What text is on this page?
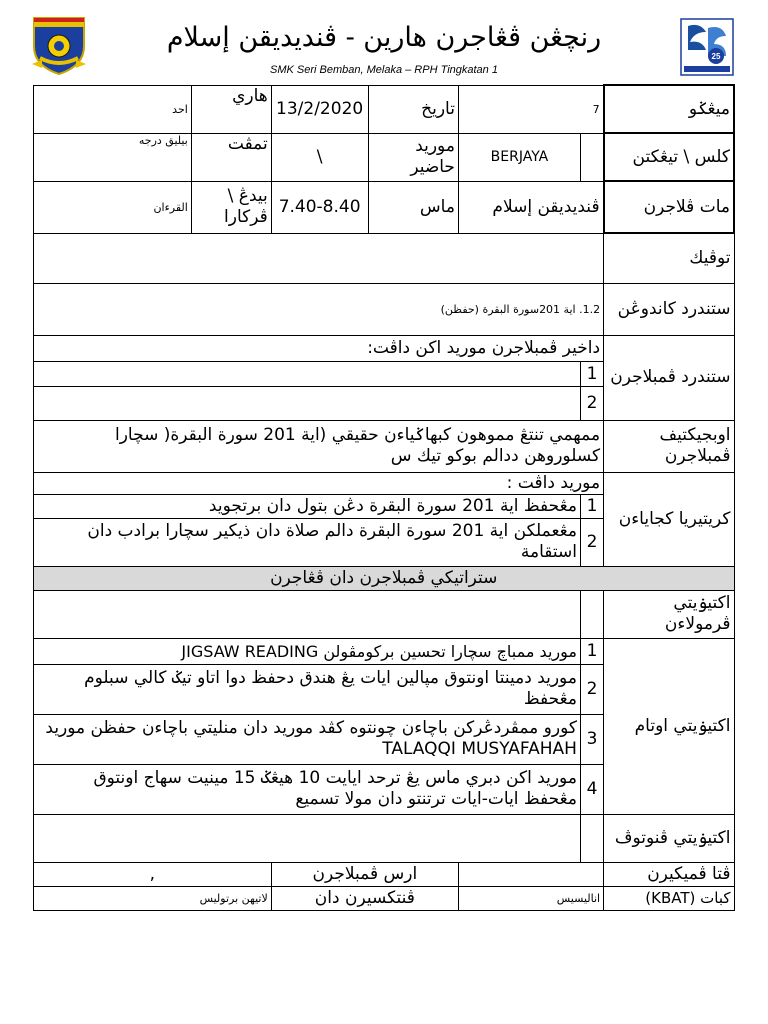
رنچڠن ڤڠاجرن هارين - ڤنديديقن إسلام
SMK Seri Bemban, Melaka – RPH Tingkatan 1
25
ميڠݢو	7		تاريخ	13/2/2020	هاري	احد
كلس \ تيڠكتن		BERJAYA	موريد حاضير	\	تمڤت	بيليق درجه
مات ڤلاجرن	ڤنديديقن إسلام		ماس	7.40-8.40	بيدڠ \ ڤركارا	القرءان
توڤيك						
ستندرد كاندوڠن	1.2. اية 201سورة البقرة (حفظن)					
ستندرد ڤمبلاجرن	داخير ڤمبلاجرن موريد اكن داڤت:					
	1					
	2					
اوبجيکتيف ڤمبلاجرن	ممهمي تنتڠ مموهون كبهاݢياءن حقيقي (اية 201 سورة البقرة( سچارا كسلوروهن ددالم بوكو تيك س					
كريتيريا كجاياءن	موريد داڤت :					
	1	مڠحفظ اية 201 سورة البقرة دڠن بتول دان برتجويد				
	2	مڠعملكن اية 201 سورة البقرة دالم صلاة دان ذيكير سچارا برادب دان استقامة				
ستراتيكي ڤمبلاجرن دان ڤڠاجرن						
اكتيۏيتي ڤرمولاءن						
اكتيۏيتي اوتام	1	موريد ممباچ سچارا تحسين بركومڤولن JIGSAW READING				
	2	موريد دمينتا اونتوق مڽالين ايات يڠ هندق دحفظ دوا اتاو تيݢ كالي سبلوم مڠحفظ				
	3	كورو ممڤردڠركن باچاءن چونتوه كڤد موريد دان منليتي باچاءن حفظن موريد TALAQQI MUSYAFAHAH				
	4	موريد اكن دبري ماس يڠ ترحد ايايت 10 هيڠݢ 15 مينيت سهاج اونتوق مڠحفظ ايات-ايات ترتنتو دان مولا تسميع				
اكتيۏيتي ڤنوتوڤ						
ڤتا ڤميكيرن			ارس ڤمبلاجرن		,	
كبات (KBAT)	اناليسيس		ڤنتكسيرن دان		لاتيهن برتوليس	
